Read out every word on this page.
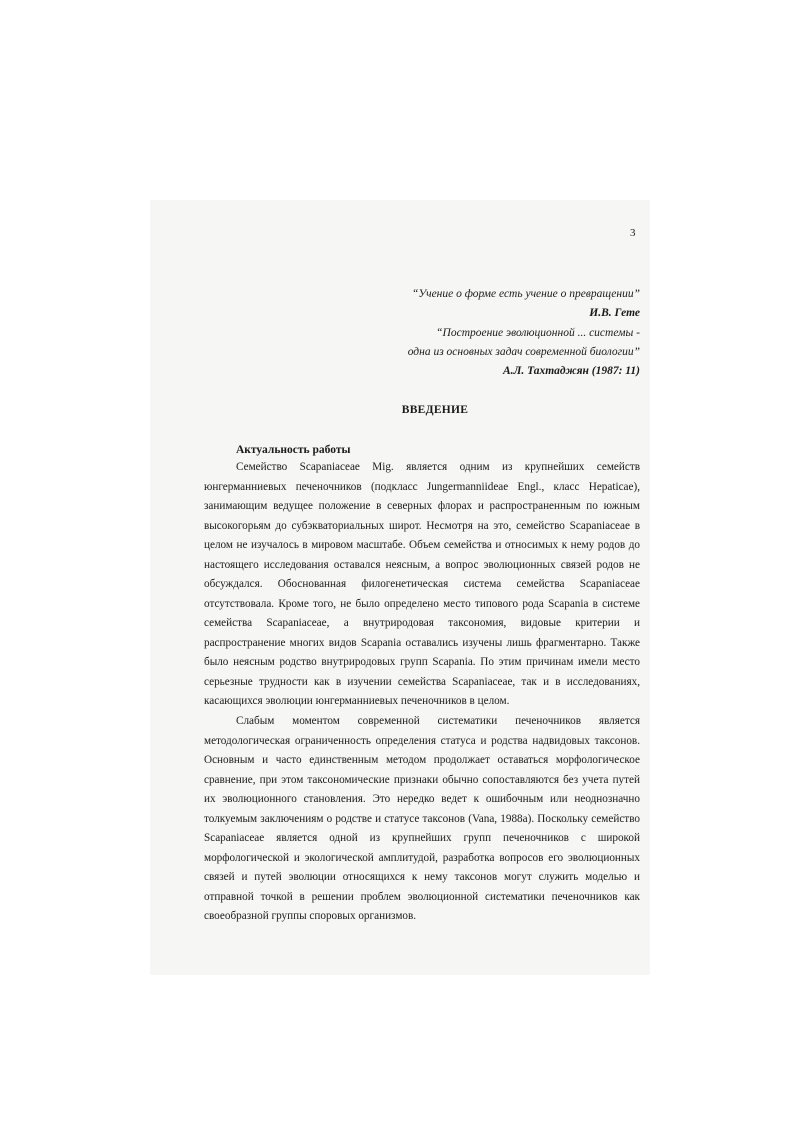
3
“Учение о форме есть учение о превращении”
И.В. Гете
“Построение эволюционной ... системы -
одна из основных задач современной биологии”
А.Л. Тахтаджян (1987: 11)
ВВЕДЕНИЕ
Актуальность работы

Семейство Scapaniaceae Mig. является одним из крупнейших семейств юнгерманниевых печеночников (подкласс Jungermanniideae Engl., класс Hepaticae), занимающим ведущее положение в северных флорах и распространенным по южным высокогорьям до субэкваториальных широт. Несмотря на это, семейство Scapaniaceae в целом не изучалось в мировом масштабе. Объем семейства и относимых к нему родов до настоящего исследования оставался неясным, а вопрос эволюционных связей родов не обсуждался. Обоснованная филогенетическая система семейства Scapaniaceae отсутствовала. Кроме того, не было определено место типового рода Scapania в системе семейства Scapaniaceae, а внутриродовая таксономия, видовые критерии и распространение многих видов Scapania оставались изучены лишь фрагментарно. Также было неясным родство внутриродовых групп Scapania. По этим причинам имели место серьезные трудности как в изучении семейства Scapaniaceae, так и в исследованиях, касающихся эволюции юнгерманниевых печеночников в целом.

Слабым моментом современной систематики печеночников является методологическая ограниченность определения статуса и родства надвидовых таксонов. Основным и часто единственным методом продолжает оставаться морфологическое сравнение, при этом таксономические признаки обычно сопоставляются без учета путей их эволюционного становления. Это нередко ведет к ошибочным или неоднозначно толкуемым заключениям о родстве и статусе таксонов (Vana, 1988a). Поскольку семейство Scapaniaceae является одной из крупнейших групп печеночников с широкой морфологической и экологической амплитудой, разработка вопросов его эволюционных связей и путей эволюции относящихся к нему таксонов могут служить моделью и отправной точкой в решении проблем эволюционной систематики печеночников как своеобразной группы споровых организмов.
